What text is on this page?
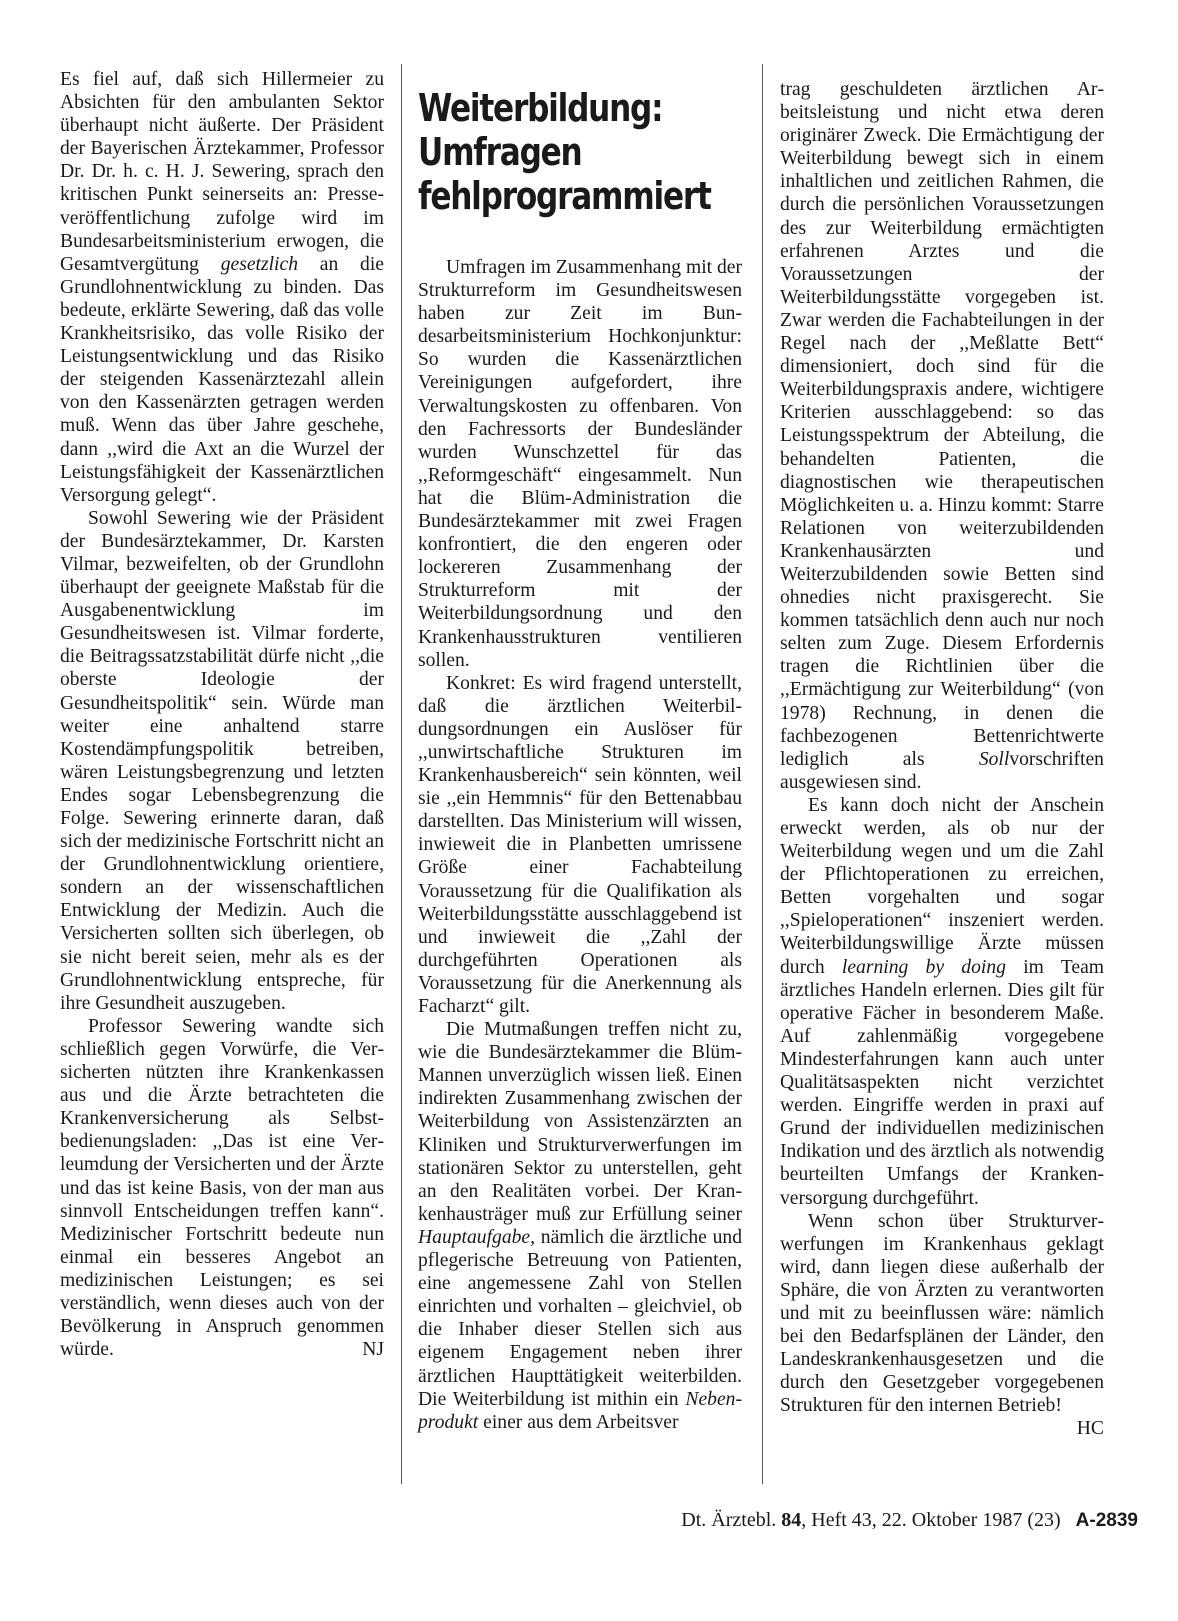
Es fiel auf, daß sich Hillermeier zu Absichten für den ambulanten Sektor überhaupt nicht äußerte. Der Präsident der Bayerischen Ärztekammer, Professor Dr. Dr. h. c. H. J. Sewering, sprach den kritischen Punkt seinerseits an: Presseveröffentlichung zufolge wird im Bundesarbeitsministerium erwogen, die Gesamtvergütung gesetzlich an die Grundlohnentwicklung zu binden. Das bedeute, erklärte Sewering, daß das volle Krankheitsrisiko, das volle Risiko der Leistungsentwicklung und das Risiko der steigenden Kassenärztezahl allein von den Kassenärzten getragen werden muß. Wenn das über Jahre geschehe, dann ,,wird die Axt an die Wurzel der Leistungsfähigkeit der Kassenärztlichen Versorgung gelegt“.

Sowohl Sewering wie der Präsident der Bundesärztekammer, Dr. Karsten Vilmar, bezweifelten, ob der Grundlohn überhaupt der geeignete Maßstab für die Ausgabenentwicklung im Gesundheitswesen ist. Vilmar forderte, die Beitragssatzstabilität dürfe nicht ,,die oberste Ideologie der Gesundheitspolitik“ sein. Würde man weiter eine anhaltend starre Kostendämpfungspolitik betreiben, wären Leistungsbegrenzung und letzten Endes sogar Lebensbegrenzung die Folge. Sewering erinnerte daran, daß sich der medizinische Fortschritt nicht an der Grundlohnentwicklung orientiere, sondern an der wissenschaftlichen Entwicklung der Medizin. Auch die Versicherten sollten sich überlegen, ob sie nicht bereit seien, mehr als es der Grundlohnentwicklung entspreche, für ihre Gesundheit auszugeben.

Professor Sewering wandte sich schließlich gegen Vorwürfe, die Versicherten nützten ihre Krankenkassen aus und die Ärzte betrachteten die Krankenversicherung als Selbstbedienungsladen: ,,Das ist eine Verleumdung der Versicherten und der Ärzte und das ist keine Basis, von der man aus sinnvoll Entscheidungen treffen kann“. Medizinischer Fortschritt bedeute nun einmal ein besseres Angebot an medizinischen Leistungen; es sei verständlich, wenn dieses auch von der Bevölkerung in Anspruch genommen würde.	NJ

Weiterbildung:
Umfragen
fehlprogrammiert

Umfragen im Zusammenhang mit der Strukturreform im Gesundheitswesen haben zur Zeit im Bundesarbeitsministerium Hochkonjunktur: So wurden die Kassenärztlichen Vereinigungen aufgefordert, ihre Verwaltungskosten zu offenbaren. Von den Fachressorts der Bundesländer wurden Wunschzettel für das ,,Reformgeschäft“ eingesammelt. Nun hat die Blüm-Administration die Bundesärztekammer mit zwei Fragen konfrontiert, die den engeren oder lockereren Zusammenhang der Strukturreform mit der Weiterbildungsordnung und den Krankenhausstrukturen ventilieren sollen.

Konkret: Es wird fragend unterstellt, daß die ärztlichen Weiterbildungsordnungen ein Auslöser für ,,unwirtschaftliche Strukturen im Krankenhausbereich“ sein könnten, weil sie ,,ein Hemmnis“ für den Bettenabbau darstellten. Das Ministerium will wissen, inwieweit die in Planbetten umrissene Größe einer Fachabteilung Voraussetzung für die Qualifikation als Weiterbildungsstätte ausschlaggebend ist und inwieweit die ,,Zahl der durchgeführten Operationen als Voraussetzung für die Anerkennung als Facharzt“ gilt.

Die Mutmaßungen treffen nicht zu, wie die Bundesärztekammer die Blüm-Mannen unverzüglich wissen ließ. Einen indirekten Zusammenhang zwischen der Weiterbildung von Assistenzärzten an Kliniken und Strukturverwerfungen im stationären Sektor zu unterstellen, geht an den Realitäten vorbei. Der Krankenhausträger muß zur Erfüllung seiner Hauptaufgabe, nämlich die ärztliche und pflegerische Betreuung von Patienten, eine angemessene Zahl von Stellen einrichten und vorhalten – gleichviel, ob die Inhaber dieser Stellen sich aus eigenem Engagement neben ihrer ärztlichen Haupttätigkeit weiterbilden. Die Weiterbildung ist mithin ein Nebenprodukt einer aus dem Arbeitsver

trag geschuldeten ärztlichen Arbeitsleistung und nicht etwa deren originärer Zweck. Die Ermächtigung der Weiterbildung bewegt sich in einem inhaltlichen und zeitlichen Rahmen, die durch die persönlichen Voraussetzungen des zur Weiterbildung ermächtigten erfahrenen Arztes und die Voraussetzungen der Weiterbildungsstätte vorgegeben ist. Zwar werden die Fachabteilungen in der Regel nach der ,,Meßlatte Bett“ dimensioniert, doch sind für die Weiterbildungspraxis andere, wichtigere Kriterien ausschlaggebend: so das Leistungsspektrum der Abteilung, die behandelten Patienten, die diagnostischen wie therapeutischen Möglichkeiten u. a. Hinzu kommt: Starre Relationen von weiterzubildenden Krankenhausärzten und Weiterzubildenden sowie Betten sind ohnedies nicht praxisgerecht. Sie kommen tatsächlich denn auch nur noch selten zum Zuge. Diesem Erfordernis tragen die Richtlinien über die ,,Ermächtigung zur Weiterbildung“ (von 1978) Rechnung, in denen die fachbezogenen Bettenrichtwerte lediglich als	Sollvorschriften ausgewiesen sind.

Es kann doch nicht der Anschein erweckt werden, als ob nur der Weiterbildung wegen und um die Zahl der Pflichtoperationen zu erreichen, Betten vorgehalten und sogar ,,Spieloperationen“ inszeniert werden. Weiterbildungswillige Ärzte müssen durch learning by doing im Team ärztliches Handeln erlernen. Dies gilt für operative Fächer in besonderem Maße. Auf zahlenmäßig vorgegebene Mindesterfahrungen kann auch unter Qualitätsaspekten nicht verzichtet werden. Eingriffe werden in praxi auf Grund der individuellen medizinischen Indikation und des ärztlich als notwendig beurteilten Umfangs der Krankenversorgung durchgeführt.

Wenn schon über Strukturverwerfungen im Krankenhaus geklagt wird, dann liegen diese außerhalb der Sphäre, die von Ärzten zu verantworten und mit zu beeinflussen wäre: nämlich bei den Bedarfsplänen der Länder, den Landeskrankenhausgesetzen und die durch den Gesetzgeber vorgegebenen Strukturen für den internen Betrieb!
HC

Dt. Ärztebl. 84, Heft 43, 22. Oktober 1987 (23) A-2839
